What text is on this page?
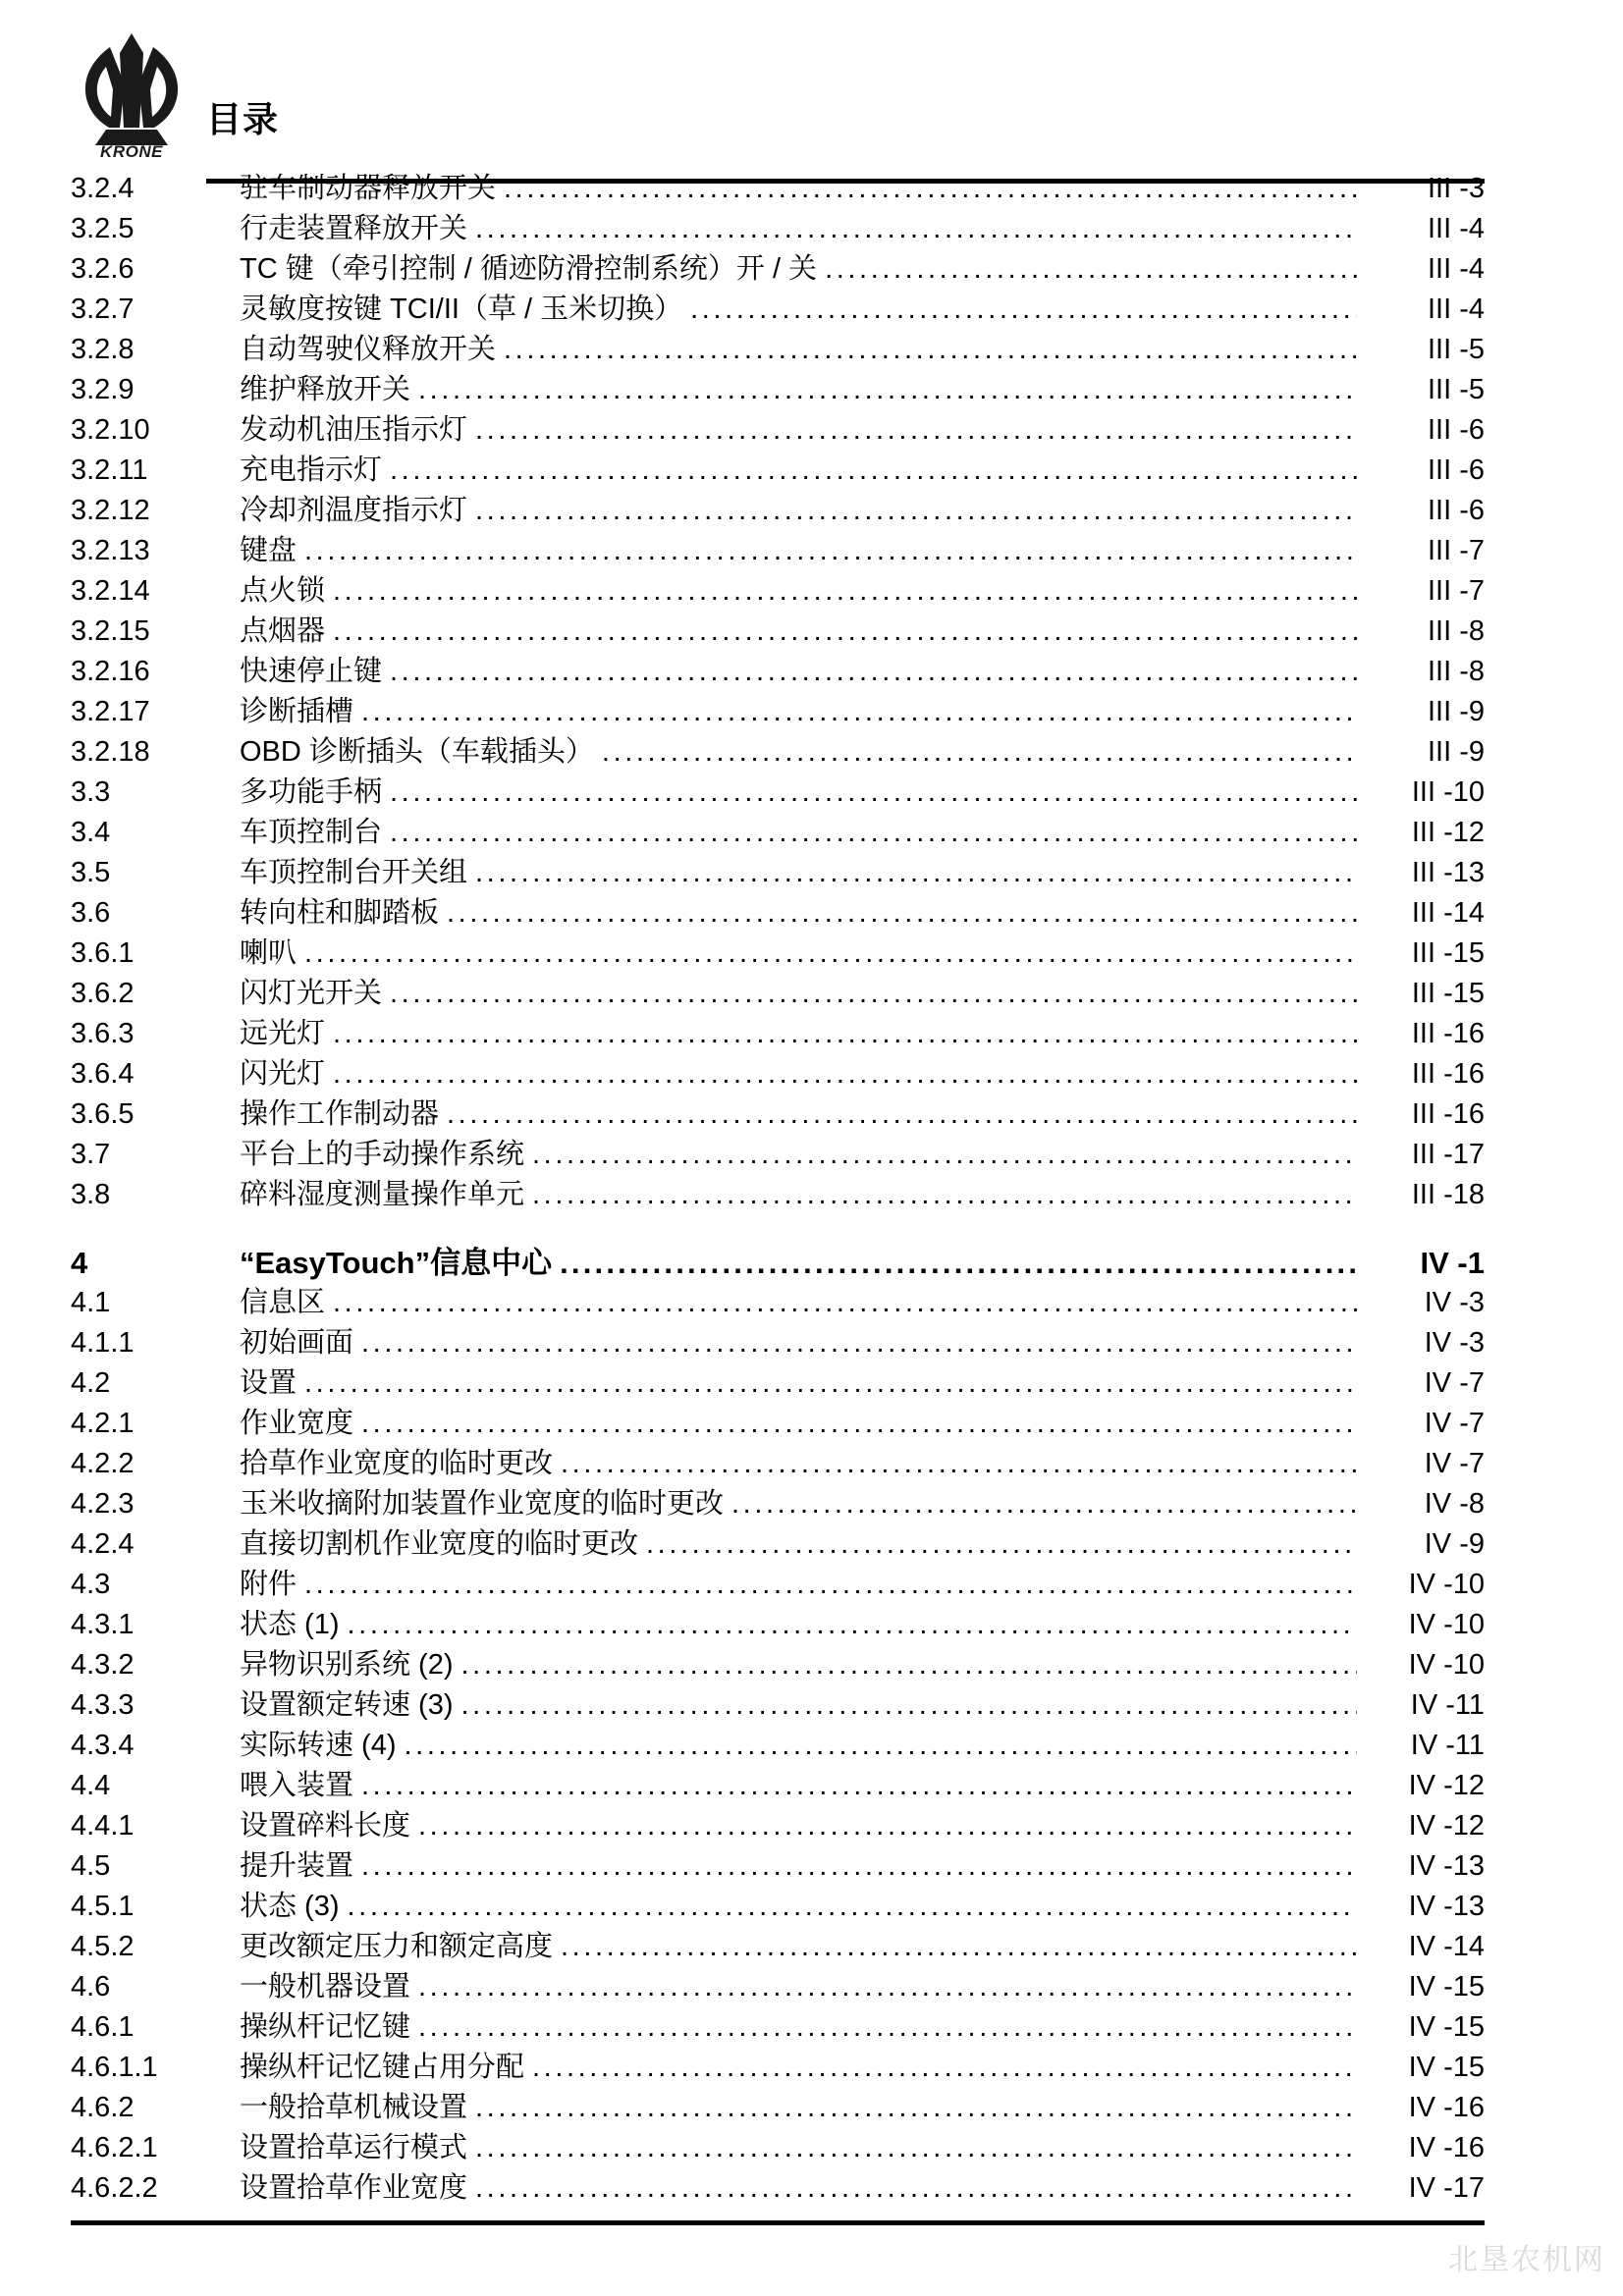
KRONE
目录
3.2.4	驻车制动器释放开关 .....	III -3
3.2.5	行走装置释放开关 .....	III -4
3.2.6	TC 键（牵引控制 / 循迹防滑控制系统）开 / 关 .....	III -4
3.2.7	灵敏度按键 TCI/II（草 / 玉米切换） .....	III -4
3.2.8	自动驾驶仪释放开关 .....	III -5
3.2.9	维护释放开关 .....	III -5
3.2.10	发动机油压指示灯 .....	III -6
3.2.11	充电指示灯 .....	III -6
3.2.12	冷却剂温度指示灯 .....	III -6
3.2.13	键盘 .....	III -7
3.2.14	点火锁 .....	III -7
3.2.15	点烟器 .....	III -8
3.2.16	快速停止键 .....	III -8
3.2.17	诊断插槽 .....	III -9
3.2.18	OBD 诊断插头（车载插头） .....	III -9
3.3	多功能手柄 .....	III -10
3.4	车顶控制台 .....	III -12
3.5	车顶控制台开关组 .....	III -13
3.6	转向柱和脚踏板 .....	III -14
3.6.1	喇叭 .....	III -15
3.6.2	闪灯光开关 .....	III -15
3.6.3	远光灯 .....	III -16
3.6.4	闪光灯 .....	III -16
3.6.5	操作工作制动器 .....	III -16
3.7	平台上的手动操作系统 .....	III -17
3.8	碎料湿度测量操作单元 .....	III -18
4	“EasyTouch”信息中心 .....	IV -1
4.1	信息区 .....	IV -3
4.1.1	初始画面 .....	IV -3
4.2	设置 .....	IV -7
4.2.1	作业宽度 .....	IV -7
4.2.2	拾草作业宽度的临时更改 .....	IV -7
4.2.3	玉米收摘附加装置作业宽度的临时更改 .....	IV -8
4.2.4	直接切割机作业宽度的临时更改 .....	IV -9
4.3	附件 .....	IV -10
4.3.1	状态 (1) .....	IV -10
4.3.2	异物识别系统 (2) .....	IV -10
4.3.3	设置额定转速 (3) .....	IV -11
4.3.4	实际转速 (4) .....	IV -11
4.4	喂入装置 .....	IV -12
4.4.1	设置碎料长度 .....	IV -12
4.5	提升装置 .....	IV -13
4.5.1	状态 (3) .....	IV -13
4.5.2	更改额定压力和额定高度 .....	IV -14
4.6	一般机器设置 .....	IV -15
4.6.1	操纵杆记忆键 .....	IV -15
4.6.1.1	操纵杆记忆键占用分配 .....	IV -15
4.6.2	一般拾草机械设置 .....	IV -16
4.6.2.1	设置拾草运行模式 .....	IV -16
4.6.2.2	设置拾草作业宽度 .....	IV -17
北垦农机网
